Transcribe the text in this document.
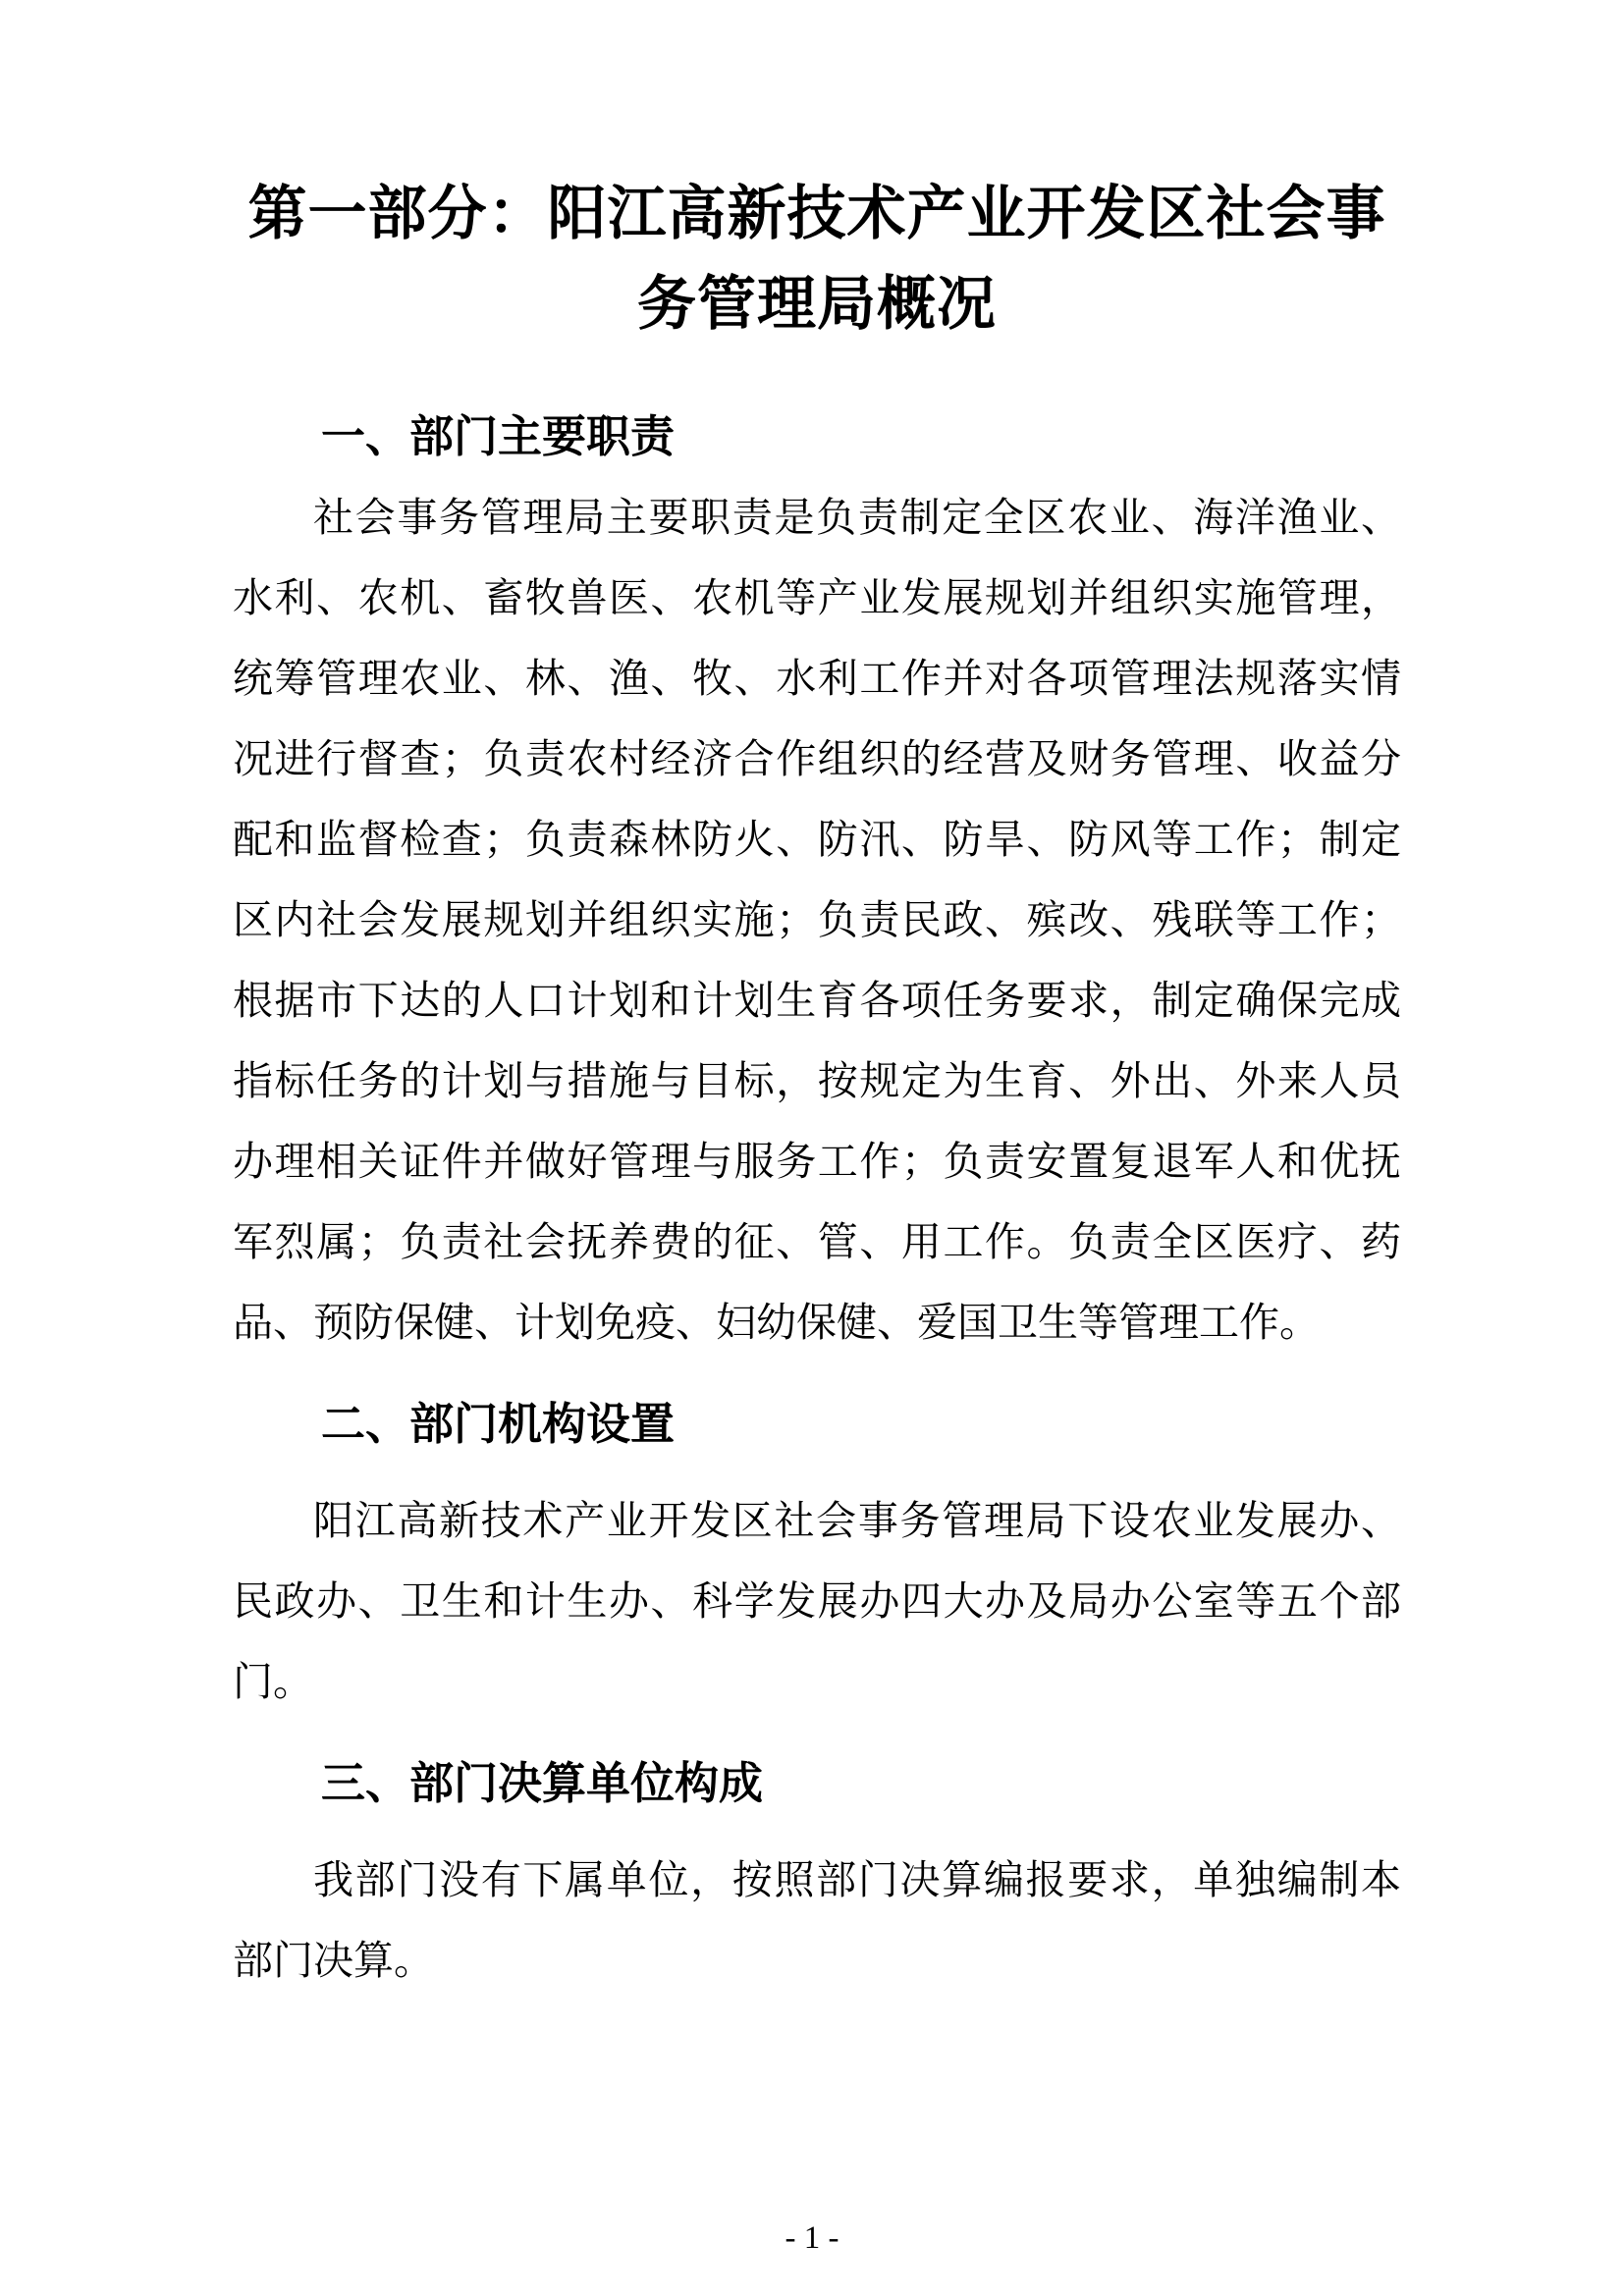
第一部分：阳江高新技术产业开发区社会事
务管理局概况
一、部门主要职责
社会事务管理局主要职责是负责制定全区农业、海洋渔业、
水利、农机、畜牧兽医、农机等产业发展规划并组织实施管理，
统筹管理农业、林、渔、牧、水利工作并对各项管理法规落实情
况进行督查；负责农村经济合作组织的经营及财务管理、收益分
配和监督检查；负责森林防火、防汛、防旱、防风等工作；制定
区内社会发展规划并组织实施；负责民政、殡改、残联等工作；
根据市下达的人口计划和计划生育各项任务要求，制定确保完成
指标任务的计划与措施与目标，按规定为生育、外出、外来人员
办理相关证件并做好管理与服务工作；负责安置复退军人和优抚
军烈属；负责社会抚养费的征、管、用工作。负责全区医疗、药
品、预防保健、计划免疫、妇幼保健、爱国卫生等管理工作。
二、部门机构设置
阳江高新技术产业开发区社会事务管理局下设农业发展办、
民政办、卫生和计生办、科学发展办四大办及局办公室等五个部
门。
三、部门决算单位构成
我部门没有下属单位，按照部门决算编报要求，单独编制本
部门决算。
- 1 -
